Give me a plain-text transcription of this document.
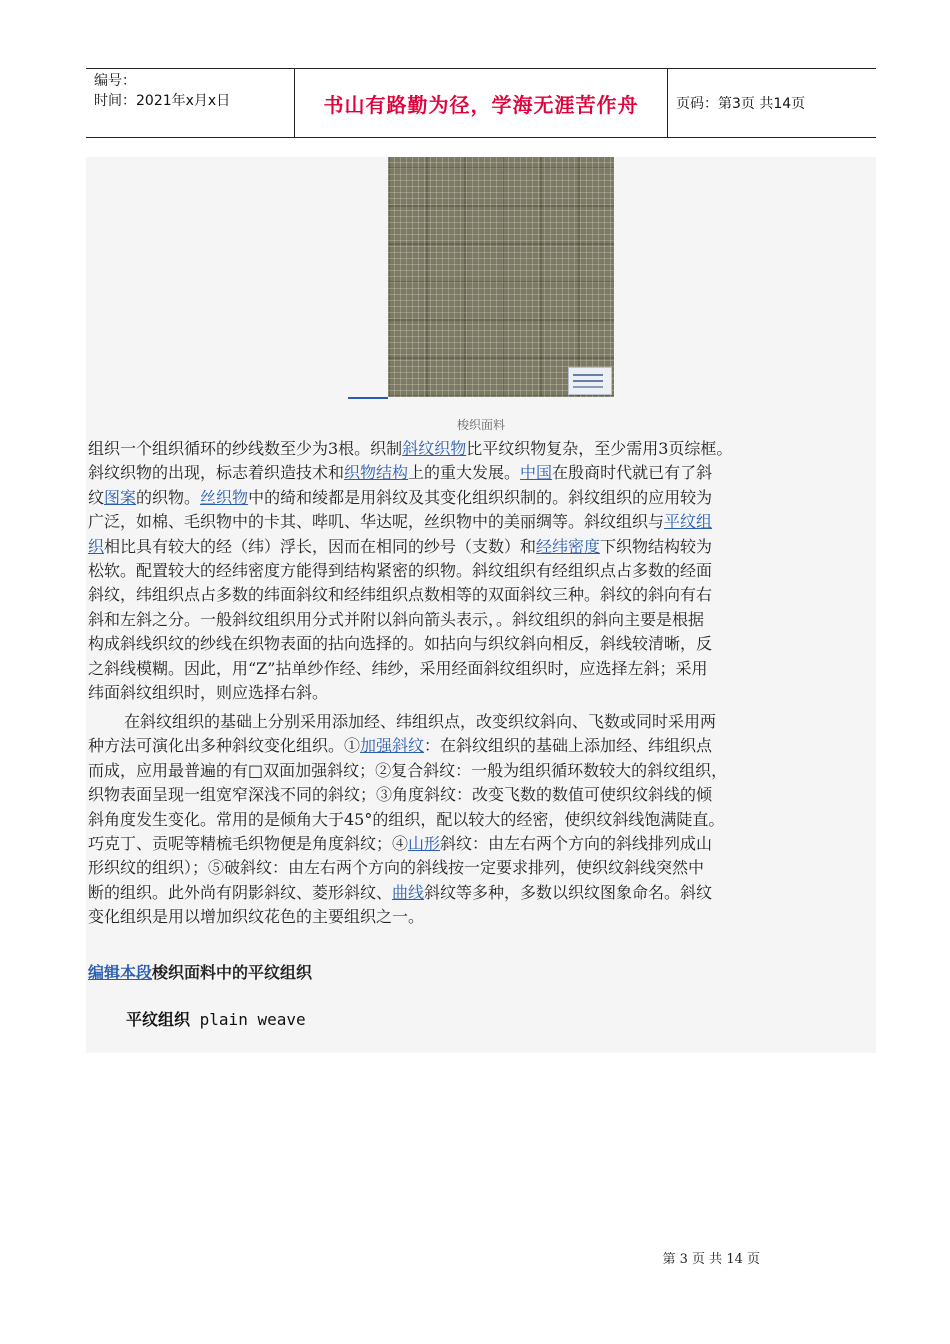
编号：
时间：2021年x月x日	书山有路勤为径，学海无涯苦作舟	页码：第3页 共14页
梭织面料
组织一个组织循环的纱线数至少为3根。织制斜纹织物比平纹织物复杂，至少需用3页综框。
斜纹织物的出现，标志着织造技术和织物结构上的重大发展。中国在殷商时代就已有了斜
纹图案的织物。丝织物中的绮和绫都是用斜纹及其变化组织织制的。斜纹组织的应用较为
广泛，如棉、毛织物中的卡其、哔叽、华达呢，丝织物中的美丽绸等。斜纹组织与平纹组
织相比具有较大的经（纬）浮长，因而在相同的纱号（支数）和经纬密度下织物结构较为
松软。配置较大的经纬密度方能得到结构紧密的织物。斜纹组织有经组织点占多数的经面
斜纹，纬组织点占多数的纬面斜纹和经纬组织点数相等的双面斜纹三种。斜纹的斜向有右
斜和左斜之分。一般斜纹组织用分式并附以斜向箭头表示，。斜纹组织的斜向主要是根据
构成斜线织纹的纱线在织物表面的拈向选择的。如拈向与织纹斜向相反，斜线较清晰，反
之斜线模糊。因此，用“Z”拈单纱作经、纬纱，采用经面斜纹组织时，应选择左斜；采用
纬面斜纹组织时，则应选择右斜。
在斜纹组织的基础上分别采用添加经、纬组织点，改变织纹斜向、飞数或同时采用两
种方法可演化出多种斜纹变化组织。①加强斜纹：在斜纹组织的基础上添加经、纬组织点
而成，应用最普遍的有□双面加强斜纹；②复合斜纹：一般为组织循环数较大的斜纹组织，
织物表面呈现一组宽窄深浅不同的斜纹；③角度斜纹：改变飞数的数值可使织纹斜线的倾
斜角度发生变化。常用的是倾角大于45°的组织，配以较大的经密，使织纹斜线饱满陡直。
巧克丁、贡呢等精梳毛织物便是角度斜纹；④山形斜纹：由左右两个方向的斜线排列成山
形织纹的组织）；⑤破斜纹：由左右两个方向的斜线按一定要求排列，使织纹斜线突然中
断的组织。此外尚有阴影斜纹、菱形斜纹、曲线斜纹等多种，多数以织纹图象命名。斜纹
变化组织是用以增加织纹花色的主要组织之一。
编辑本段梭织面料中的平纹组织
平纹组织 plain weave
第 3 页 共 14 页
